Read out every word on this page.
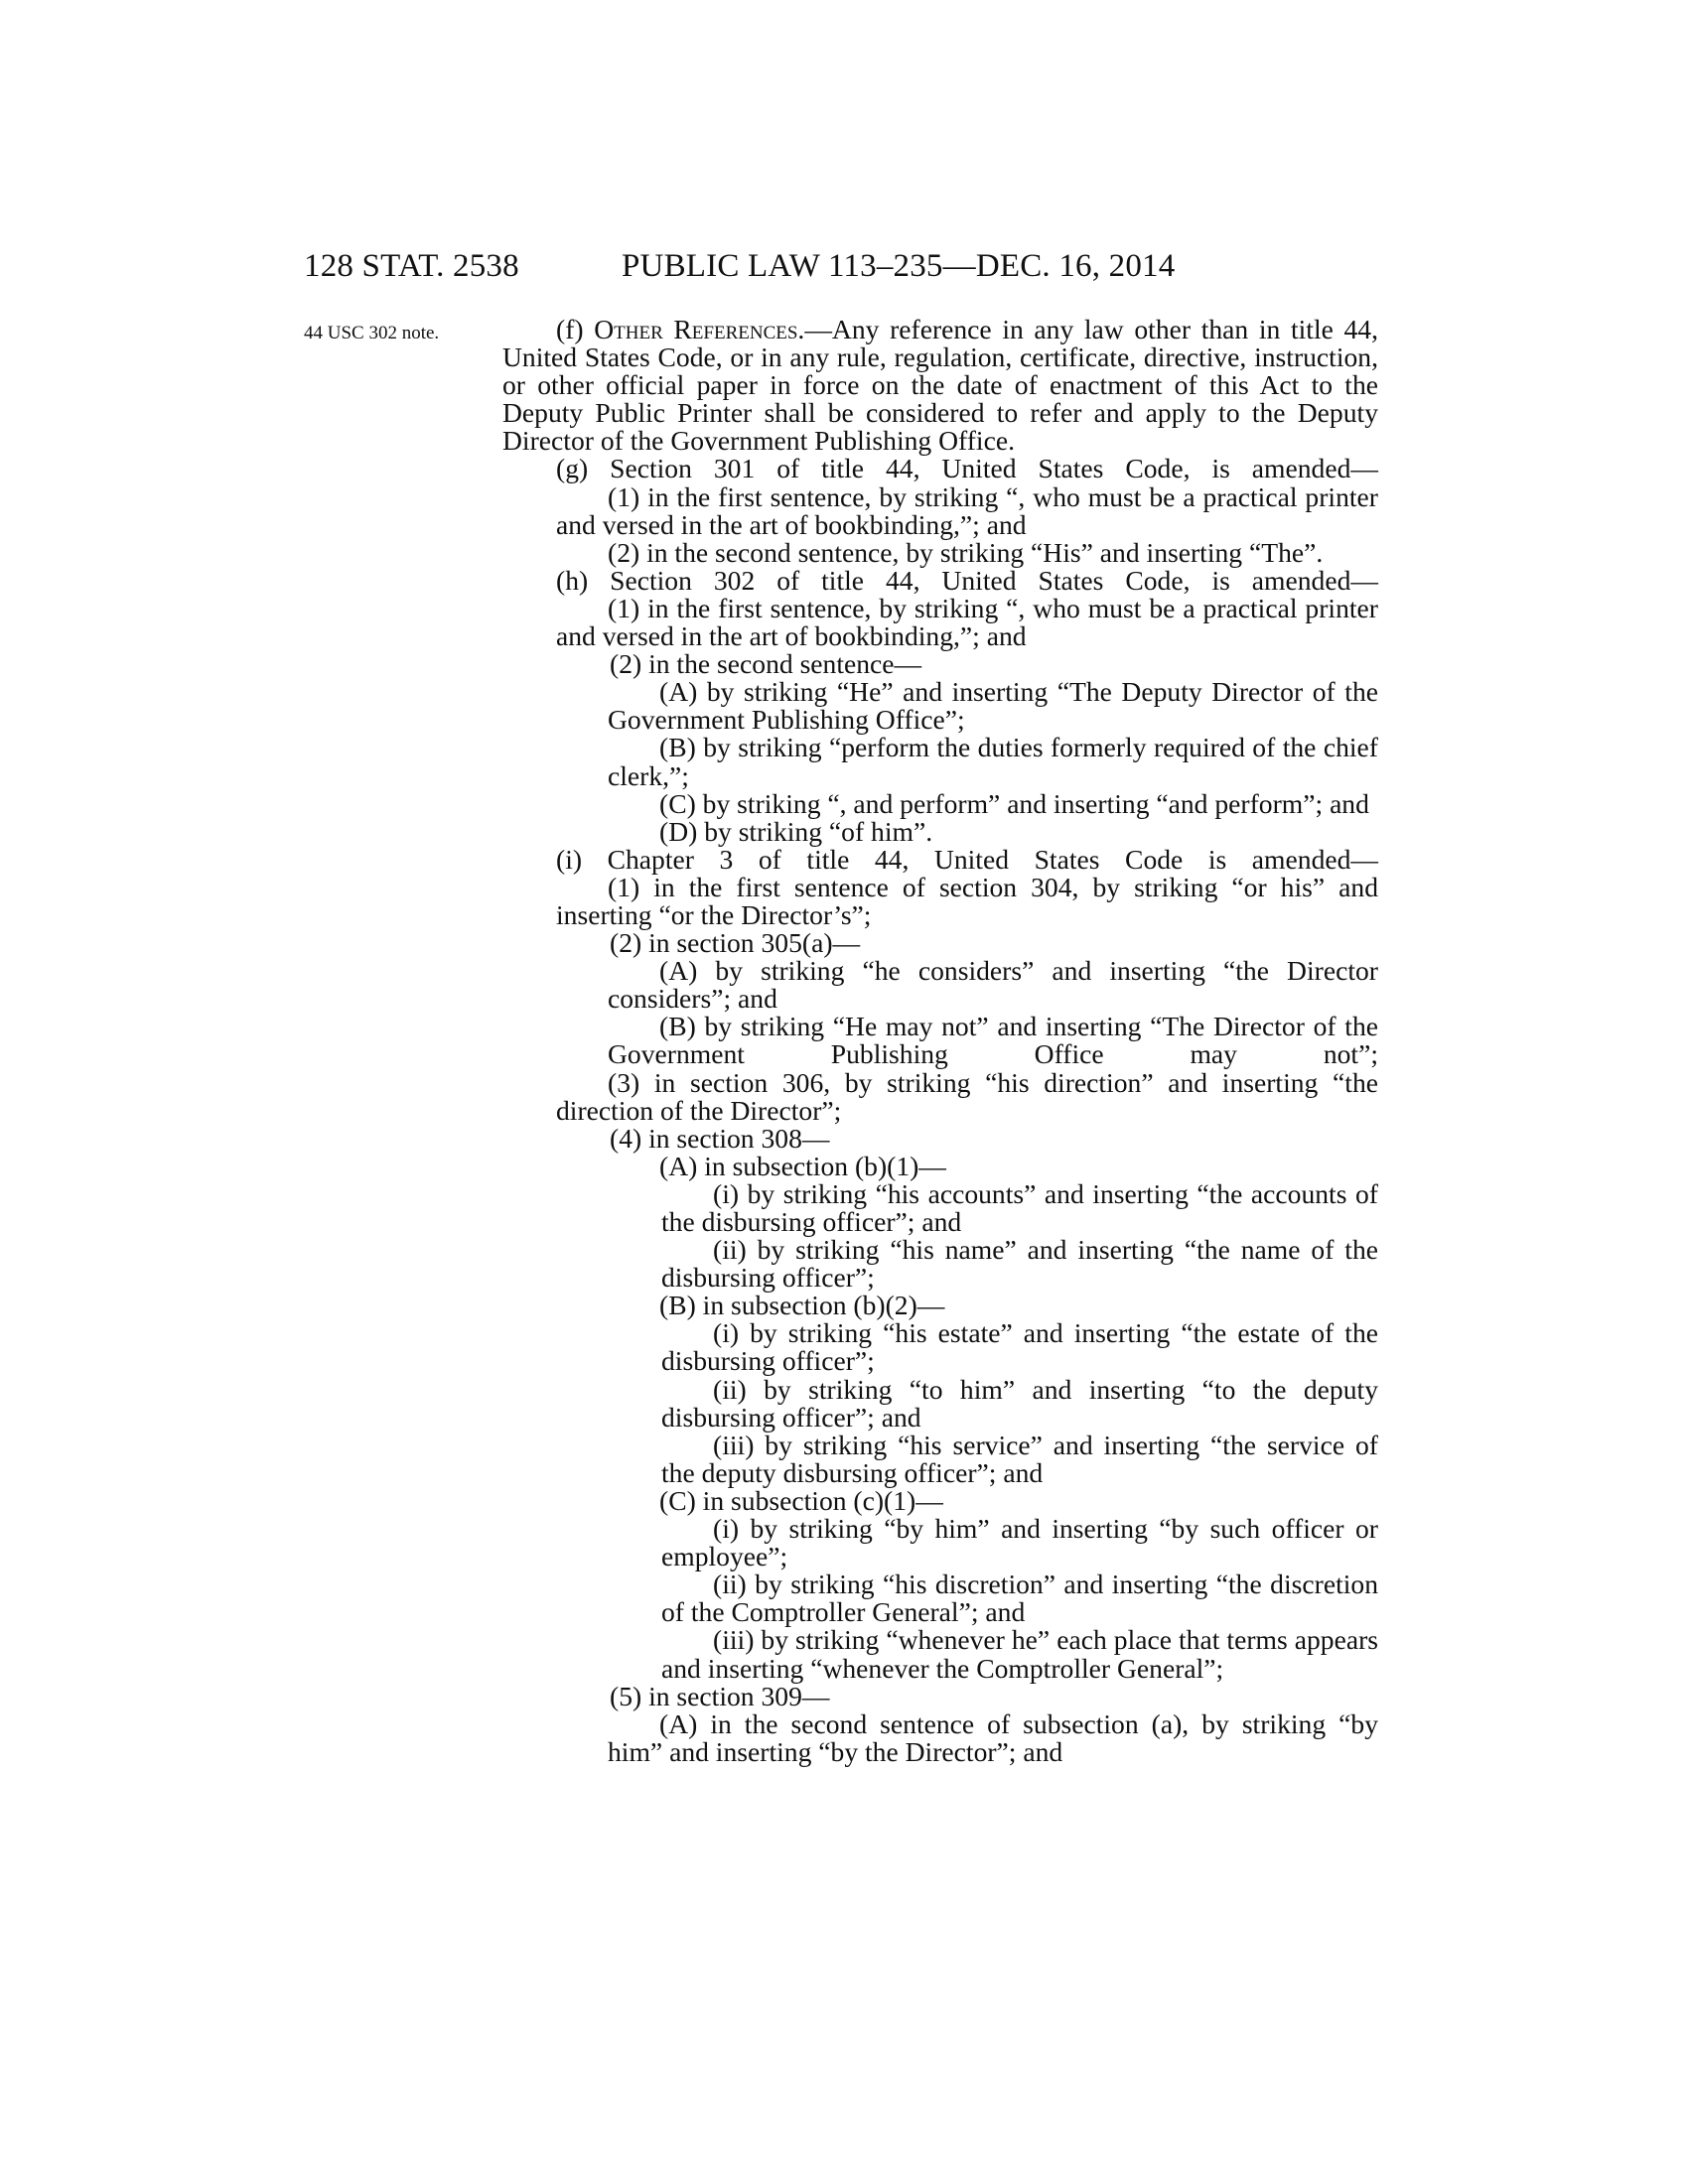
128 STAT. 2538	PUBLIC LAW 113–235—DEC. 16, 2014
44 USC 302 note.	(f) Other References.—Any reference in any law other than in title 44, United States Code, or in any rule, regulation, certificate, directive, instruction, or other official paper in force on the date of enactment of this Act to the Deputy Public Printer shall be considered to refer and apply to the Deputy Director of the Government Publishing Office.

(g) Section 301 of title 44, United States Code, is amended—

(1) in the first sentence, by striking “, who must be a practical printer and versed in the art of bookbinding,”; and

(2) in the second sentence, by striking “His” and inserting “The”.

(h) Section 302 of title 44, United States Code, is amended—

(1) in the first sentence, by striking “, who must be a practical printer and versed in the art of bookbinding,”; and

(2) in the second sentence—

(A) by striking “He” and inserting “The Deputy Director of the Government Publishing Office”;

(B) by striking “perform the duties formerly required of the chief clerk,”;

(C) by striking “, and perform” and inserting “and perform”; and

(D) by striking “of him”.

(i) Chapter 3 of title 44, United States Code is amended—

(1) in the first sentence of section 304, by striking “or his” and inserting “or the Director’s”;

(2) in section 305(a)—

(A) by striking “he considers” and inserting “the Director considers”; and

(B) by striking “He may not” and inserting “The Director of the Government Publishing Office may not”;

(3) in section 306, by striking “his direction” and inserting “the direction of the Director”;

(4) in section 308—

(A) in subsection (b)(1)—

(i) by striking “his accounts” and inserting “the accounts of the disbursing officer”; and

(ii) by striking “his name” and inserting “the name of the disbursing officer”;

(B) in subsection (b)(2)—

(i) by striking “his estate” and inserting “the estate of the disbursing officer”;

(ii) by striking “to him” and inserting “to the deputy disbursing officer”; and

(iii) by striking “his service” and inserting “the service of the deputy disbursing officer”; and

(C) in subsection (c)(1)—

(i) by striking “by him” and inserting “by such officer or employee”;

(ii) by striking “his discretion” and inserting “the discretion of the Comptroller General”; and

(iii) by striking “whenever he” each place that terms appears and inserting “whenever the Comptroller General”;

(5) in section 309—

(A) in the second sentence of subsection (a), by striking “by him” and inserting “by the Director”; and
